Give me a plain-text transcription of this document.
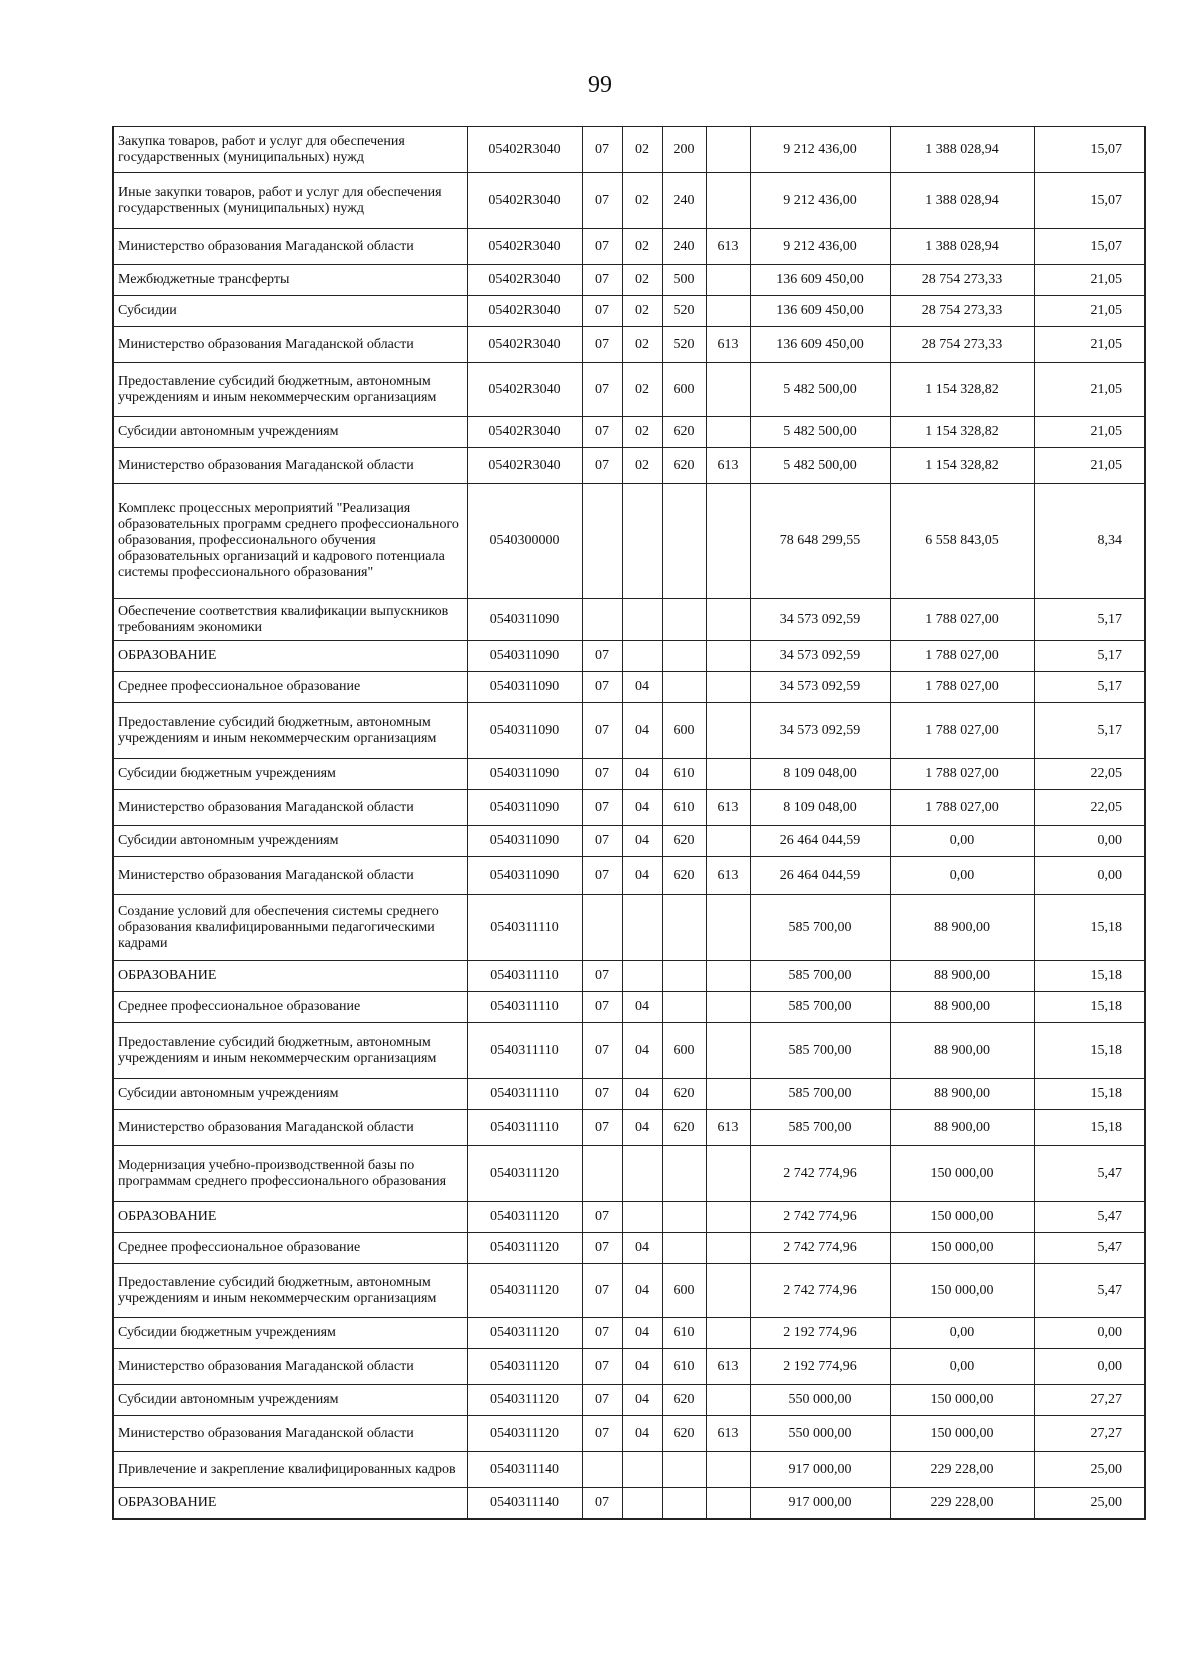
99
Закупка товаров, работ и услуг для обеспечения государственных (муниципальных) нужд	05402R3040	07	02	200		9 212 436,00	1 388 028,94	15,07
Иные закупки товаров, работ и услуг для обеспечения государственных (муниципальных) нужд	05402R3040	07	02	240		9 212 436,00	1 388 028,94	15,07
Министерство образования Магаданской области	05402R3040	07	02	240	613	9 212 436,00	1 388 028,94	15,07
Межбюджетные трансферты	05402R3040	07	02	500		136 609 450,00	28 754 273,33	21,05
Субсидии	05402R3040	07	02	520		136 609 450,00	28 754 273,33	21,05
Министерство образования Магаданской области	05402R3040	07	02	520	613	136 609 450,00	28 754 273,33	21,05
Предоставление субсидий бюджетным, автономным учреждениям и иным некоммерческим организациям	05402R3040	07	02	600		5 482 500,00	1 154 328,82	21,05
Субсидии автономным учреждениям	05402R3040	07	02	620		5 482 500,00	1 154 328,82	21,05
Министерство образования Магаданской области	05402R3040	07	02	620	613	5 482 500,00	1 154 328,82	21,05
Комплекс процессных мероприятий "Реализация образовательных программ среднего профессионального образования, профессионального обучения образовательных организаций и кадрового потенциала системы профессионального образования"	0540300000					78 648 299,55	6 558 843,05	8,34
Обеспечение соответствия квалификации выпускников требованиям экономики	0540311090					34 573 092,59	1 788 027,00	5,17
ОБРАЗОВАНИЕ	0540311090	07				34 573 092,59	1 788 027,00	5,17
Среднее профессиональное образование	0540311090	07	04			34 573 092,59	1 788 027,00	5,17
Предоставление субсидий бюджетным, автономным учреждениям и иным некоммерческим организациям	0540311090	07	04	600		34 573 092,59	1 788 027,00	5,17
Субсидии бюджетным учреждениям	0540311090	07	04	610		8 109 048,00	1 788 027,00	22,05
Министерство образования Магаданской области	0540311090	07	04	610	613	8 109 048,00	1 788 027,00	22,05
Субсидии автономным учреждениям	0540311090	07	04	620		26 464 044,59	0,00	0,00
Министерство образования Магаданской области	0540311090	07	04	620	613	26 464 044,59	0,00	0,00
Создание условий для обеспечения системы среднего образования квалифицированными педагогическими кадрами	0540311110					585 700,00	88 900,00	15,18
ОБРАЗОВАНИЕ	0540311110	07				585 700,00	88 900,00	15,18
Среднее профессиональное образование	0540311110	07	04			585 700,00	88 900,00	15,18
Предоставление субсидий бюджетным, автономным учреждениям и иным некоммерческим организациям	0540311110	07	04	600		585 700,00	88 900,00	15,18
Субсидии автономным учреждениям	0540311110	07	04	620		585 700,00	88 900,00	15,18
Министерство образования Магаданской области	0540311110	07	04	620	613	585 700,00	88 900,00	15,18
Модернизация учебно-производственной базы по программам среднего профессионального образования	0540311120					2 742 774,96	150 000,00	5,47
ОБРАЗОВАНИЕ	0540311120	07				2 742 774,96	150 000,00	5,47
Среднее профессиональное образование	0540311120	07	04			2 742 774,96	150 000,00	5,47
Предоставление субсидий бюджетным, автономным учреждениям и иным некоммерческим организациям	0540311120	07	04	600		2 742 774,96	150 000,00	5,47
Субсидии бюджетным учреждениям	0540311120	07	04	610		2 192 774,96	0,00	0,00
Министерство образования Магаданской области	0540311120	07	04	610	613	2 192 774,96	0,00	0,00
Субсидии автономным учреждениям	0540311120	07	04	620		550 000,00	150 000,00	27,27
Министерство образования Магаданской области	0540311120	07	04	620	613	550 000,00	150 000,00	27,27
Привлечение и закрепление квалифицированных кадров	0540311140					917 000,00	229 228,00	25,00
ОБРАЗОВАНИЕ	0540311140	07				917 000,00	229 228,00	25,00
